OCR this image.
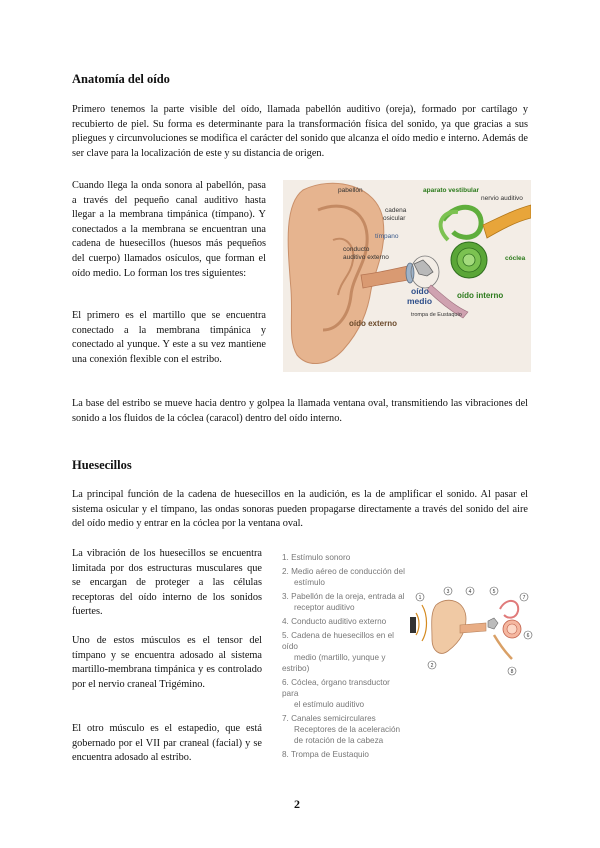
Anatomía del oído

Primero tenemos la parte visible del oído, llamada pabellón auditivo (oreja), formado por cartílago y recubierto de piel. Su forma es determinante para la transformación física del sonido, ya que gracias a sus pliegues y circunvoluciones se modifica el carácter del sonido que alcanza el oído medio e interno. Además de ser clave para la localización de este y su distancia de origen.

Cuando llega la onda sonora al pabellón, pasa a través del pequeño canal auditivo hasta llegar a la membrana timpánica (tímpano). Y conectados a la membrana se encuentran una cadena de huesecillos (huesos más pequeños del cuerpo) llamados osículos, que forman el oído medio. Lo forman los tres siguientes:

El primero es el martillo que se encuentra conectado a la membrana timpánica y conectado al yunque. Y este a su vez mantiene una conexión flexible con el estribo.

pabellón	aparato vestibular
nervio auditivo
cadena
osicular
tímpano
conducto
auditivo externo	cóclea
oído
medio
oído interno
trompa de Eustaquio
oído externo

La base del estribo se mueve hacia dentro y golpea la llamada ventana oval, transmitiendo las vibraciones del sonido a los fluidos de la cóclea (caracol) dentro del oído interno.

Huesecillos

La principal función de la cadena de huesecillos en la audición, es la de amplificar el sonido. Al pasar el sistema osicular y el tímpano, las ondas sonoras pueden propagarse directamente a través del sonido del aire del oído medio y entrar en la cóclea por la ventana oval.

La vibración de los huesecillos se encuentra limitada por dos estructuras musculares que se encargan de proteger a las células receptoras del oído interno de los sonidos fuertes.

Uno de estos músculos es el tensor del tímpano y se encuentra adosado al sistema martillo-membrana timpánica y es controlado por el nervio craneal Trigémino.

El otro músculo es el estapedio, que está gobernado por el VII par craneal (facial) y se encuentra adosado al estribo.

1. Estímulo sonoro
2. Medio aéreo de conducción del
estímulo
3. Pabellón de la oreja, entrada al
receptor auditivo
4. Conducto auditivo externo
5. Cadena de huesecillos en el oído
medio (martillo, yunque y estribo)
6. Cóclea, órgano transductor para
el estímulo auditivo
7. Canales semicirculares
Receptores de la aceleración de rotación de la cabeza
8. Trompa de Eustaquio
1
2
3	4	5
6
7
8
2
